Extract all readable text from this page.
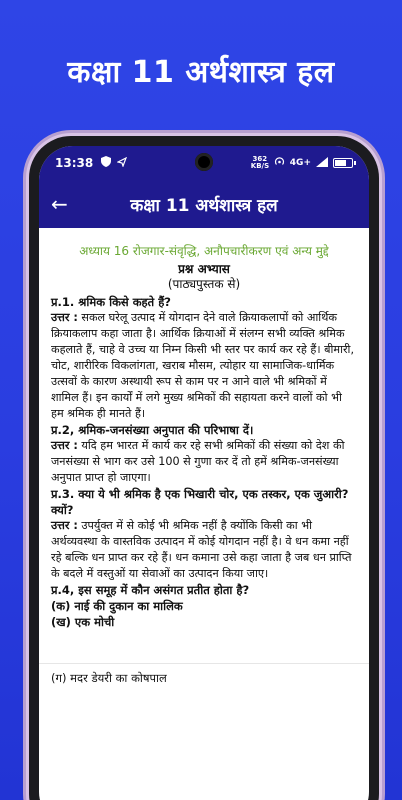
कक्षा 11 अर्थशास्त्र हल
13:38	362 KB/S 4G+
←	कक्षा 11 अर्थशास्त्र हल
अध्याय 16 रोजगार-संवृद्धि, अनौपचारीकरण एवं अन्य मुद्दे
प्रश्न अभ्यास
(पाठ्यपुस्तक से)
प्र.1. श्रमिक किसे कहते हैं?
उत्तर : सकल घरेलू उत्पाद में योगदान देने वाले क्रियाकलापों को आर्थिक क्रियाकलाप कहा जाता है। आर्थिक क्रियाओं में संलग्न सभी व्यक्ति श्रमिक कहलाते हैं, चाहे वे उच्च या निम्न किसी भी स्तर पर कार्य कर रहे हैं। बीमारी, चोट, शारीरिक विकलांगता, खराब मौसम, त्योहार या सामाजिक-धार्मिक उत्सवों के कारण अस्थायी रूप से काम पर न आने वाले भी श्रमिकों में शामिल हैं। इन कार्यों में लगे मुख्य श्रमिकों की सहायता करने वालों को भी हम श्रमिक ही मानते हैं।
प्र.2, श्रमिक-जनसंख्या अनुपात की परिभाषा दें।
उत्तर : यदि हम भारत में कार्य कर रहे सभी श्रमिकों की संख्या को देश की जनसंख्या से भाग कर उसे 100 से गुणा कर दें तो हमें श्रमिक-जनसंख्या अनुपात प्राप्त हो जाएगा।
प्र.3. क्या ये भी श्रमिक है एक भिखारी चोर, एक तस्कर, एक जुआरी? क्यों?
उत्तर : उपर्युक्त में से कोई भी श्रमिक नहीं है क्योंकि किसी का भी अर्थव्यवस्था के वास्तविक उत्पादन में कोई योगदान नहीं है। वे धन कमा नहीं रहे बल्कि धन प्राप्त कर रहे हैं। धन कमाना उसे कहा जाता है जब धन प्राप्ति के बदले में वस्तुओं या सेवाओं का उत्पादन किया जाए।
प्र.4, इस समूह में कौन असंगत प्रतीत होता है?
(क) नाई की दुकान का मालिक
(ख) एक मोची
(ग) मदर डेयरी का कोषपाल
